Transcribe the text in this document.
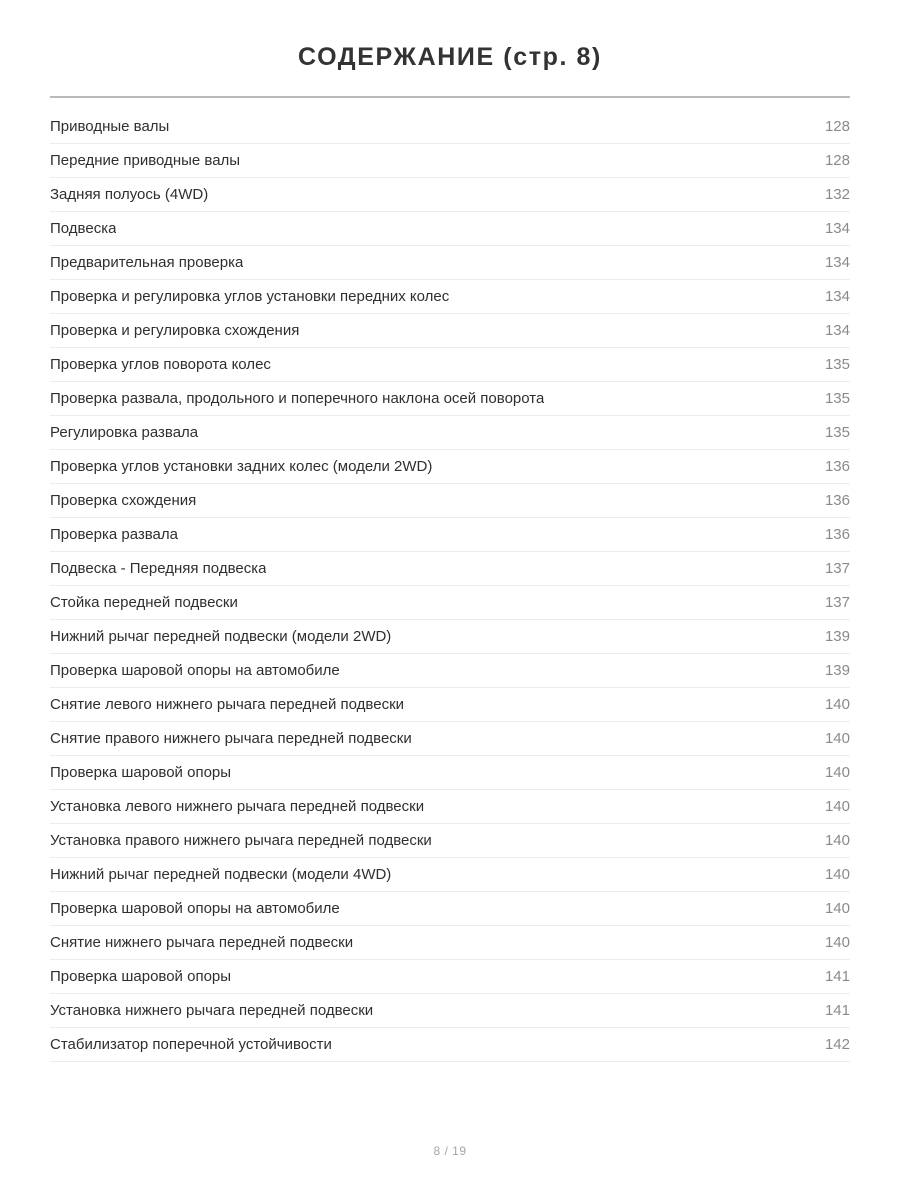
СОДЕРЖАНИЕ (стр. 8)
Приводные валы	128
Передние приводные валы	128
Задняя полуось (4WD)	132
Подвеска	134
Предварительная проверка	134
Проверка и регулировка углов установки передних колес	134
Проверка и регулировка схождения	134
Проверка углов поворота колес	135
Проверка развала, продольного и поперечного наклона осей поворота	135
Регулировка развала	135
Проверка углов установки задних колес (модели 2WD)	136
Проверка схождения	136
Проверка развала	136
Подвеска - Передняя подвеска	137
Стойка передней подвески	137
Нижний рычаг передней подвески (модели 2WD)	139
Проверка шаровой опоры на автомобиле	139
Снятие левого нижнего рычага передней подвески	140
Снятие правого нижнего рычага передней подвески	140
Проверка шаровой опоры	140
Установка левого нижнего рычага передней подвески	140
Установка правого нижнего рычага передней подвески	140
Нижний рычаг передней подвески (модели 4WD)	140
Проверка шаровой опоры на автомобиле	140
Снятие нижнего рычага передней подвески	140
Проверка шаровой опоры	141
Установка нижнего рычага передней подвески	141
Стабилизатор поперечной устойчивости	142
8 / 19
